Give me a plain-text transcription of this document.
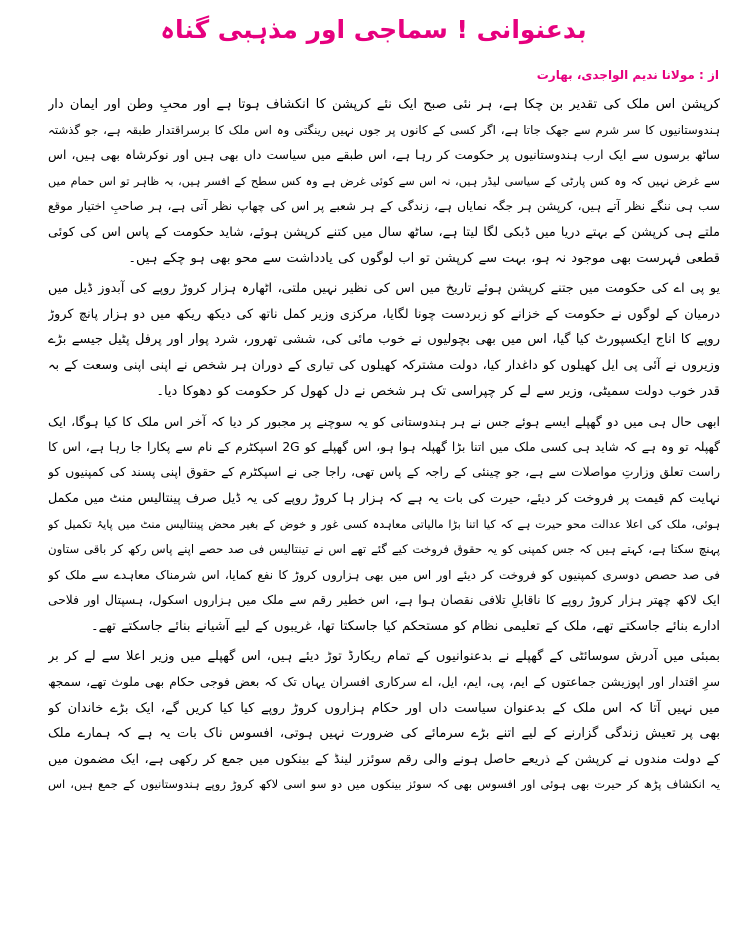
بدعنوانی ! سماجی اور مذہبی گناہ
از : مولانا ندیم الواجدی، بھارت
کرپشن اس ملک کی تقدیر بن چکا ہے، ہر نئی صبح ایک نئے کرپشن کا انکشاف ہوتا ہے اور محبِ وطن اور ایمان دار
ہندوستانیوں کا سر شرم سے جھک جاتا ہے، اگر کسی کے کانوں پر جوں نہیں رینگتی وہ اس ملک کا برسراقتدار طبقہ ہے، جو گذشتہ
ساٹھ برسوں سے ایک ارب ہندوستانیوں پر حکومت کر رہا ہے، اس طبقے میں سیاست داں بھی ہیں اور نوکرشاہ بھی ہیں، اس
سے غرض نہیں کہ وہ کس پارٹی کے سیاسی لیڈر ہیں، نہ اس سے کوئی غرض ہے وہ کس سطح کے افسر ہیں، بہ ظاہر تو اس حمام میں
سب ہی ننگے نظر آتے ہیں، کرپشن ہر جگہ نمایاں ہے، زندگی کے ہر شعبے پر اس کی چھاپ نظر آتی ہے، ہر صاحبِ اختیار موقع
ملتے ہی کرپشن کے بہتے دریا میں ڈبکی لگا لیتا ہے، ساٹھ سال میں کتنے کرپشن ہوئے، شاید حکومت کے پاس اس کی کوئی
قطعی فہرست بھی موجود نہ ہو، بہت سے کرپشن تو اب لوگوں کی یادداشت سے محو بھی ہو چکے ہیں۔
یو پی اے کی حکومت میں جتنے کرپشن ہوئے تاریخ میں اس کی نظیر نہیں ملتی، اٹھارہ ہزار کروڑ روپے کی آبدوز ڈیل میں
درمیان کے لوگوں نے حکومت کے خزانے کو زبردست چونا لگایا، مرکزی وزیر کمل ناتھ کی دیکھ ریکھ میں دو ہزار پانچ کروڑ
روپے کا اناج ایکسپورٹ کیا گیا، اس میں بھی بچولیوں نے خوب مائی کی، ششی تھرور، شرد پوار اور پرفل پٹیل جیسے بڑے
وزیروں نے آئی پی ایل کھیلوں کو داغدار کیا، دولت مشترکہ کھیلوں کی تیاری کے دوران ہر شخص نے اپنی اپنی وسعت کے بہ
قدر خوب دولت سمیٹی، وزیر سے لے کر چپراسی تک ہر شخص نے دل کھول کر حکومت کو دھوکا دیا۔
ابھی حال ہی میں دو گھپلے ایسے ہوئے جس نے ہر ہندوستانی کو یہ سوچنے پر مجبور کر دیا کہ آخر اس ملک کا کیا ہوگا، ایک
گھپلہ تو وہ ہے کہ شاید ہی کسی ملک میں اتنا بڑا گھپلہ ہوا ہو، اس گھپلے کو 2G اسپکٹرم کے نام سے پکارا جا رہا ہے، اس کا
راست تعلق وزارتِ مواصلات سے ہے، جو چینئی کے راجہ کے پاس تھی، راجا جی نے اسپکٹرم کے حقوق اپنی پسند کی کمپنیوں کو
نہایت کم قیمت پر فروخت کر دیئے، حیرت کی بات یہ ہے کہ ہزار ہا کروڑ روپے کی یہ ڈیل صرف پینتالیس منٹ میں مکمل
ہوئی، ملک کی اعلا عدالت محو حیرت ہے کہ کیا اتنا بڑا مالیاتی معاہدہ کسی غور و خوض کے بغیر محض پینتالیس منٹ میں پایۂ تکمیل کو
پہنچ سکتا ہے، کہتے ہیں کہ جس کمپنی کو یہ حقوق فروخت کیے گئے تھے اس نے تینتالیس فی صد حصے اپنے پاس رکھ کر باقی ستاون
فی صد حصص دوسری کمپنیوں کو فروخت کر دیئے اور اس میں بھی ہزاروں کروڑ کا نفع کمایا، اس شرمناک معاہدے سے ملک کو
ایک لاکھ چھتر ہزار کروڑ روپے کا ناقابلِ تلافی نقصان ہوا ہے، اس خطیر رقم سے ملک میں ہزاروں اسکول، ہسپتال اور فلاحی
ادارے بنائے جاسکتے تھے، ملک کے تعلیمی نظام کو مستحکم کیا جاسکتا تھا، غریبوں کے لیے آشیانے بنائے جاسکتے تھے۔
بمبئی میں آدرش سوسائٹی کے گھپلے نے بدعنوانیوں کے تمام ریکارڈ توڑ دیئے ہیں، اس گھپلے میں وزیر اعلا سے لے کر بر
سرِ اقتدار اور اپوزیشن جماعتوں کے ایم، پی، ایم، ایل، اے سرکاری افسران یہاں تک کہ بعض فوجی حکام بھی ملوث تھے، سمجھ
میں نہیں آتا کہ اس ملک کے بدعنوان سیاست داں اور حکام ہزاروں کروڑ روپے کیا کیا کریں گے، ایک بڑے خاندان کو
بھی پر تعیش زندگی گزارنے کے لیے اتنے بڑے سرمائے کی ضرورت نہیں ہوتی، افسوس ناک بات یہ ہے کہ ہمارے ملک
کے دولت مندوں نے کرپشن کے ذریعے حاصل ہونے والی رقم سوئزر لینڈ کے بینکوں میں جمع کر رکھی ہے، ایک مضمون میں
یہ انکشاف پڑھ کر حیرت بھی ہوئی اور افسوس بھی کہ سوئز بینکوں میں دو سو اسی لاکھ کروڑ روپے ہندوستانیوں کے جمع ہیں، اس
